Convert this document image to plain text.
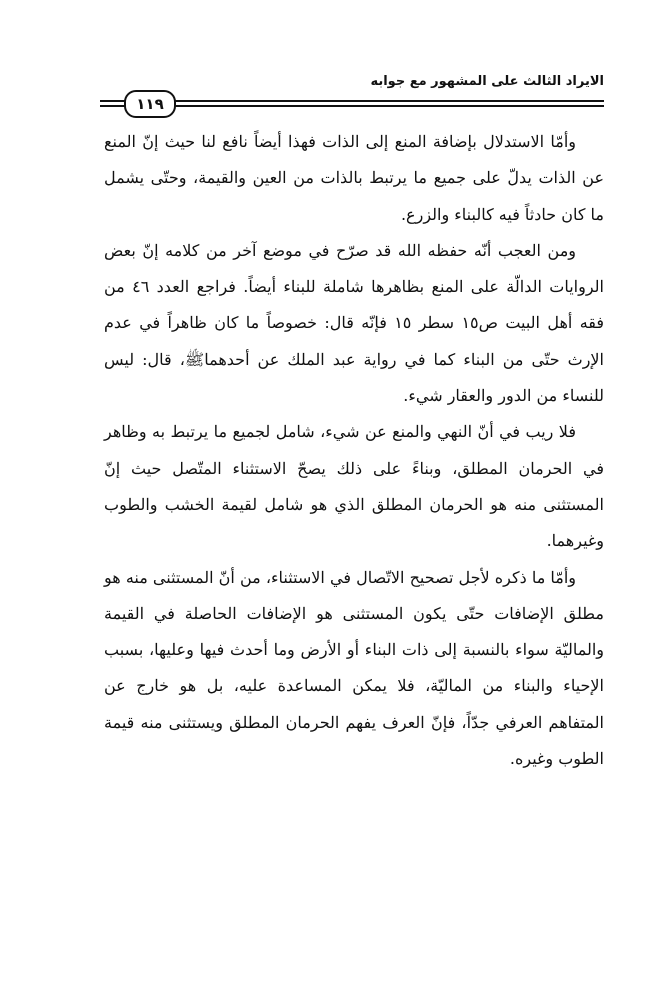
الايراد الثالث على المشهور مع جوابه
١١٩

وأمّا الاستدلال بإضافة المنع إلى الذات فهذا أيضاً نافع لنا حيث إنّ المنع عن الذات يدلّ على جميع ما يرتبط بالذات من العين والقيمة، وحتّى يشمل ما كان حادثاً فيه كالبناء والزرع.

ومن العجب أنّه حفظه الله قد صرّح في موضع آخر من كلامه إنّ بعض الروايات الدالّة على المنع بظاهرها شاملة للبناء أيضاً. فراجع العدد ٤٦ من فقه أهل البيت ص١٥ سطر ١٥ فإنّه قال: خصوصاً ما كان ظاهراً في عدم الإرث حتّى من البناء كما في رواية عبد الملك عن أحدهماﷺ، قال: ليس للنساء من الدور والعقار شيء.

فلا ريب في أنّ النهي والمنع عن شيء، شامل لجميع ما يرتبط به وظاهر في الحرمان المطلق، وبناءً على ذلك يصحّ الاستثناء المتّصل حيث إنّ المستثنى منه هو الحرمان المطلق الذي هو شامل لقيمة الخشب والطوب وغيرهما.

وأمّا ما ذكره لأجل تصحيح الاتّصال في الاستثناء، من أنّ المستثنى منه هو مطلق الإضافات حتّى يكون المستثنى هو الإضافات الحاصلة في القيمة والماليّة سواء بالنسبة إلى ذات البناء أو الأرض وما أحدث فيها وعليها، بسبب الإحياء والبناء من الماليّة، فلا يمكن المساعدة عليه، بل هو خارج عن المتفاهم العرفي جدّاً، فإنّ العرف يفهم الحرمان المطلق ويستثنى منه قيمة الطوب وغيره.
